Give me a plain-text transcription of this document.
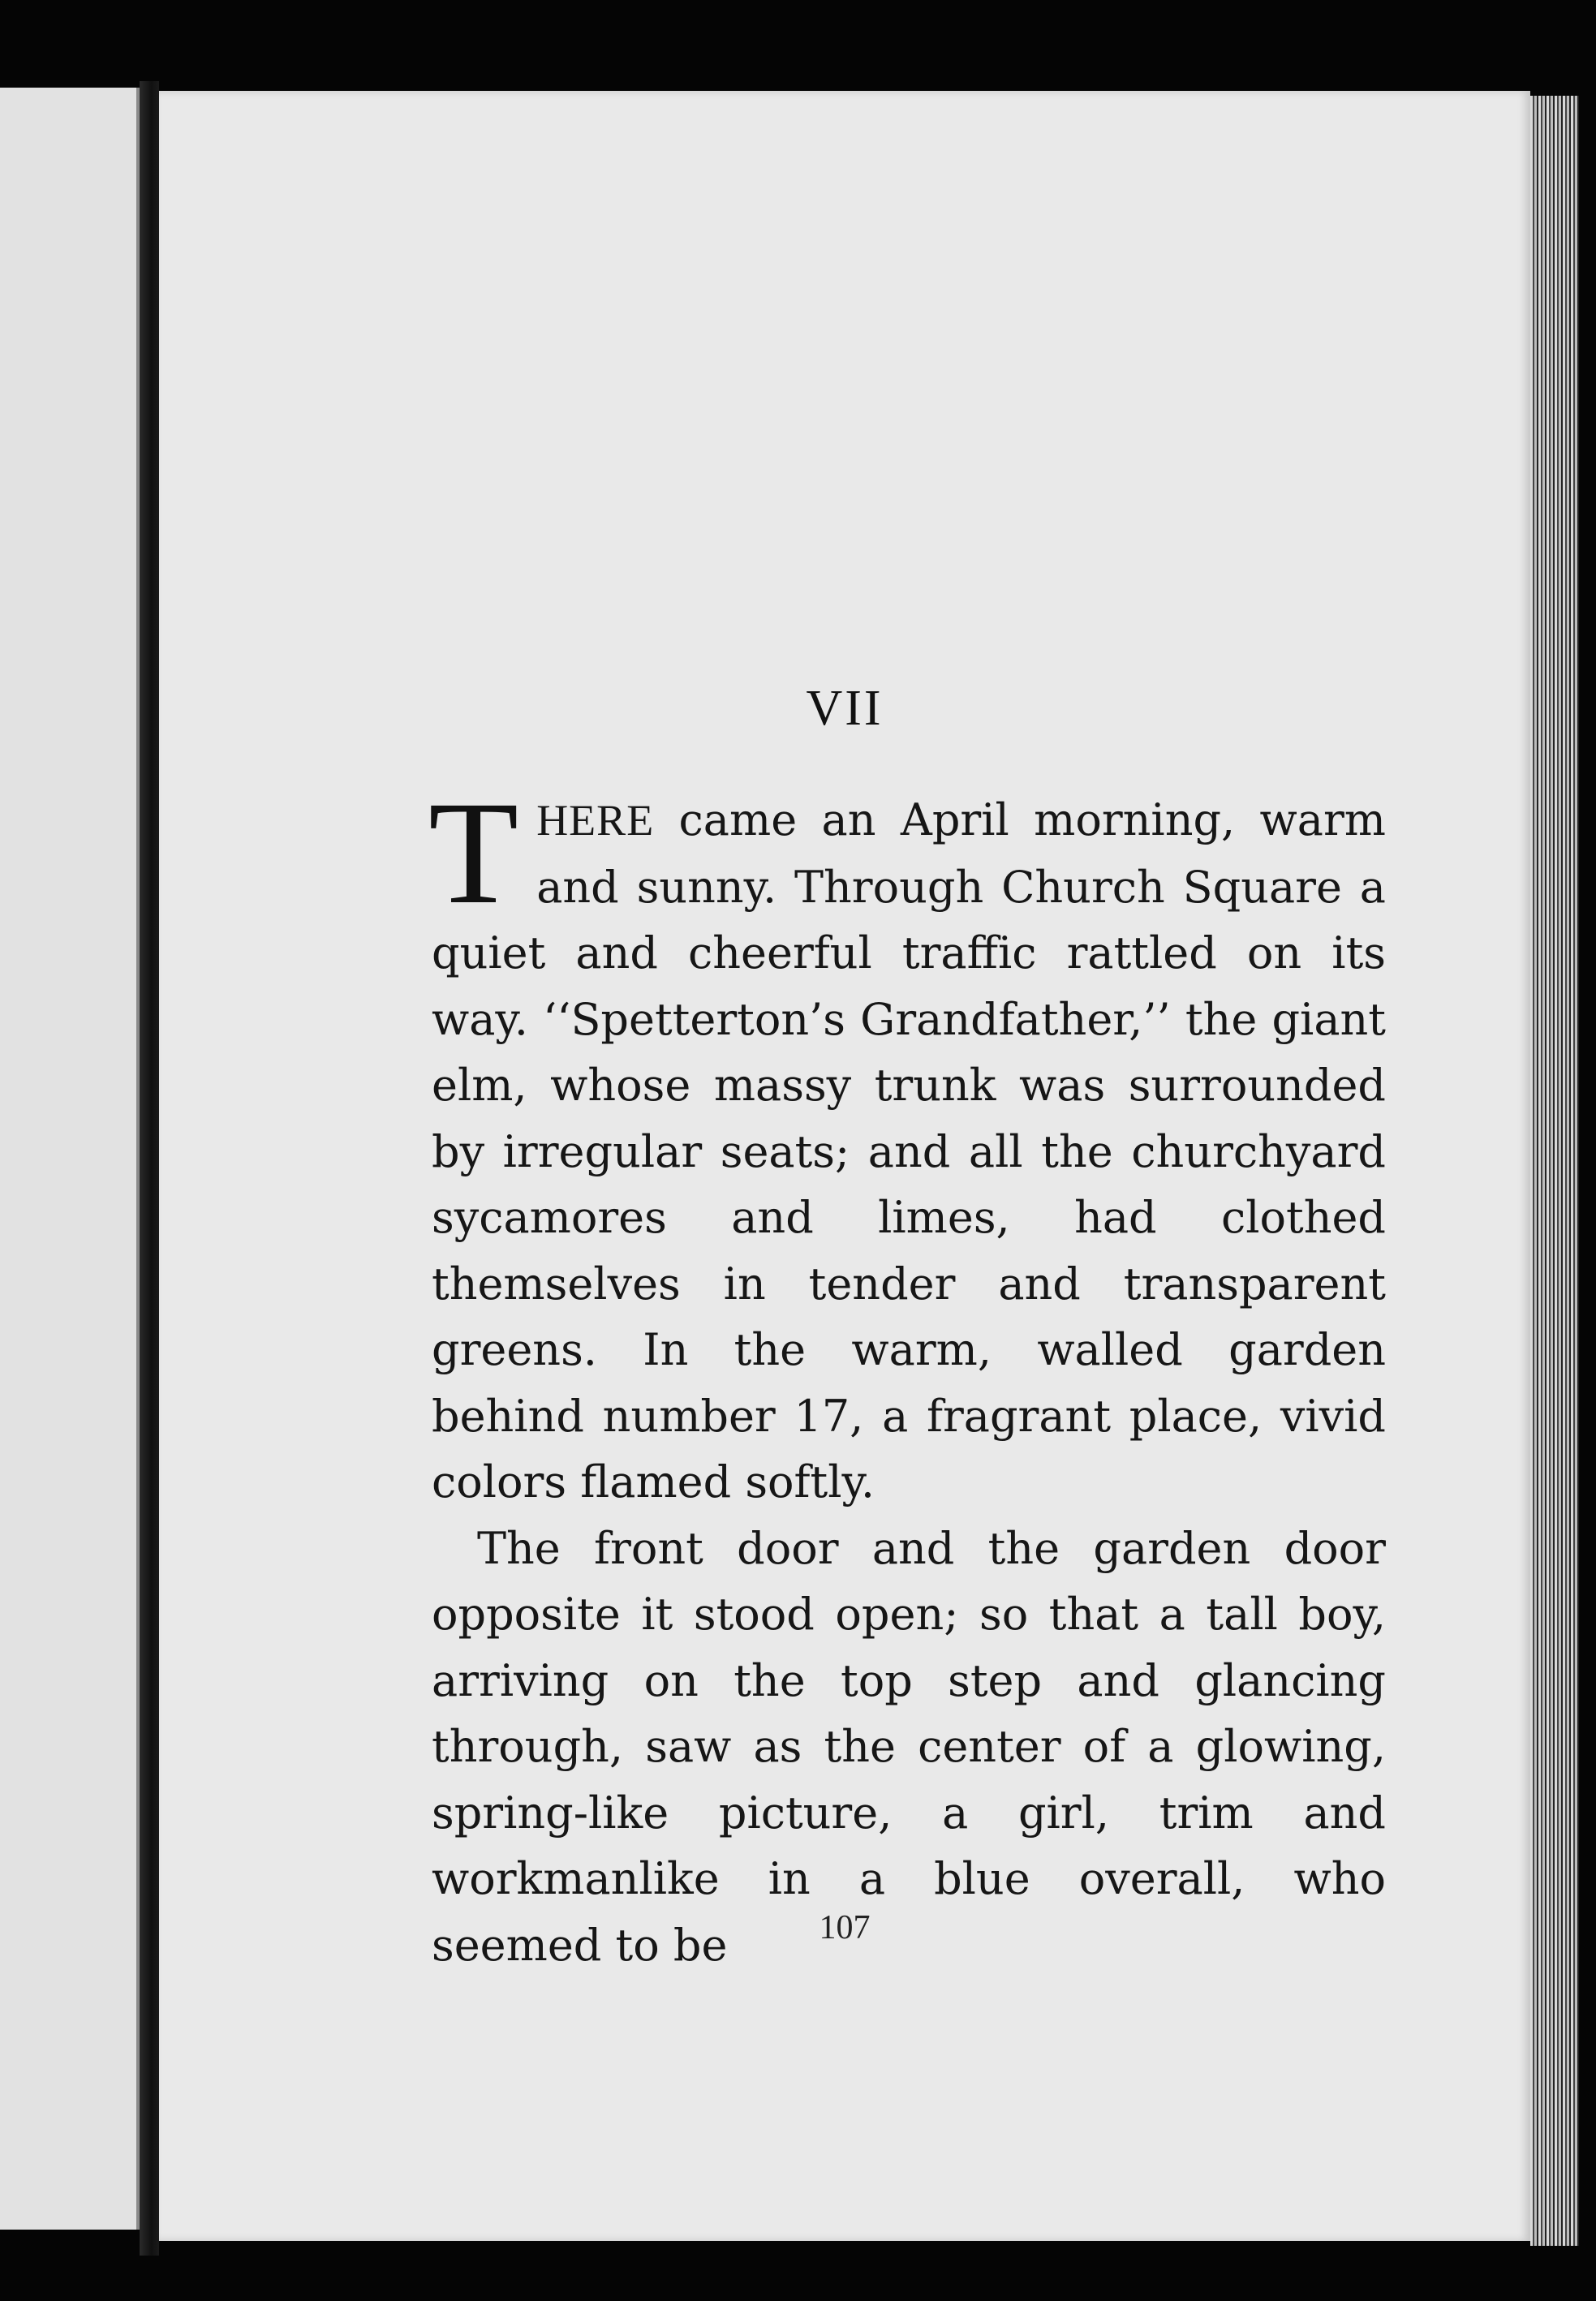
VII

THERE came an April morning, warm and sunny. Through Church Square a quiet and cheerful traffic rattled on its way. ‘‘Spetterton’s Grandfather,’’ the giant elm, whose massy trunk was surrounded by irregular seats; and all the churchyard sycamores and limes, had clothed themselves in tender and transparent greens. In the warm, walled garden behind number 17, a fragrant place, vivid colors flamed softly.

The front door and the garden door opposite it stood open; so that a tall boy, arriving on the top step and glancing through, saw as the center of a glowing, spring-like picture, a girl, trim and workmanlike in a blue overall, who seemed to be	107
